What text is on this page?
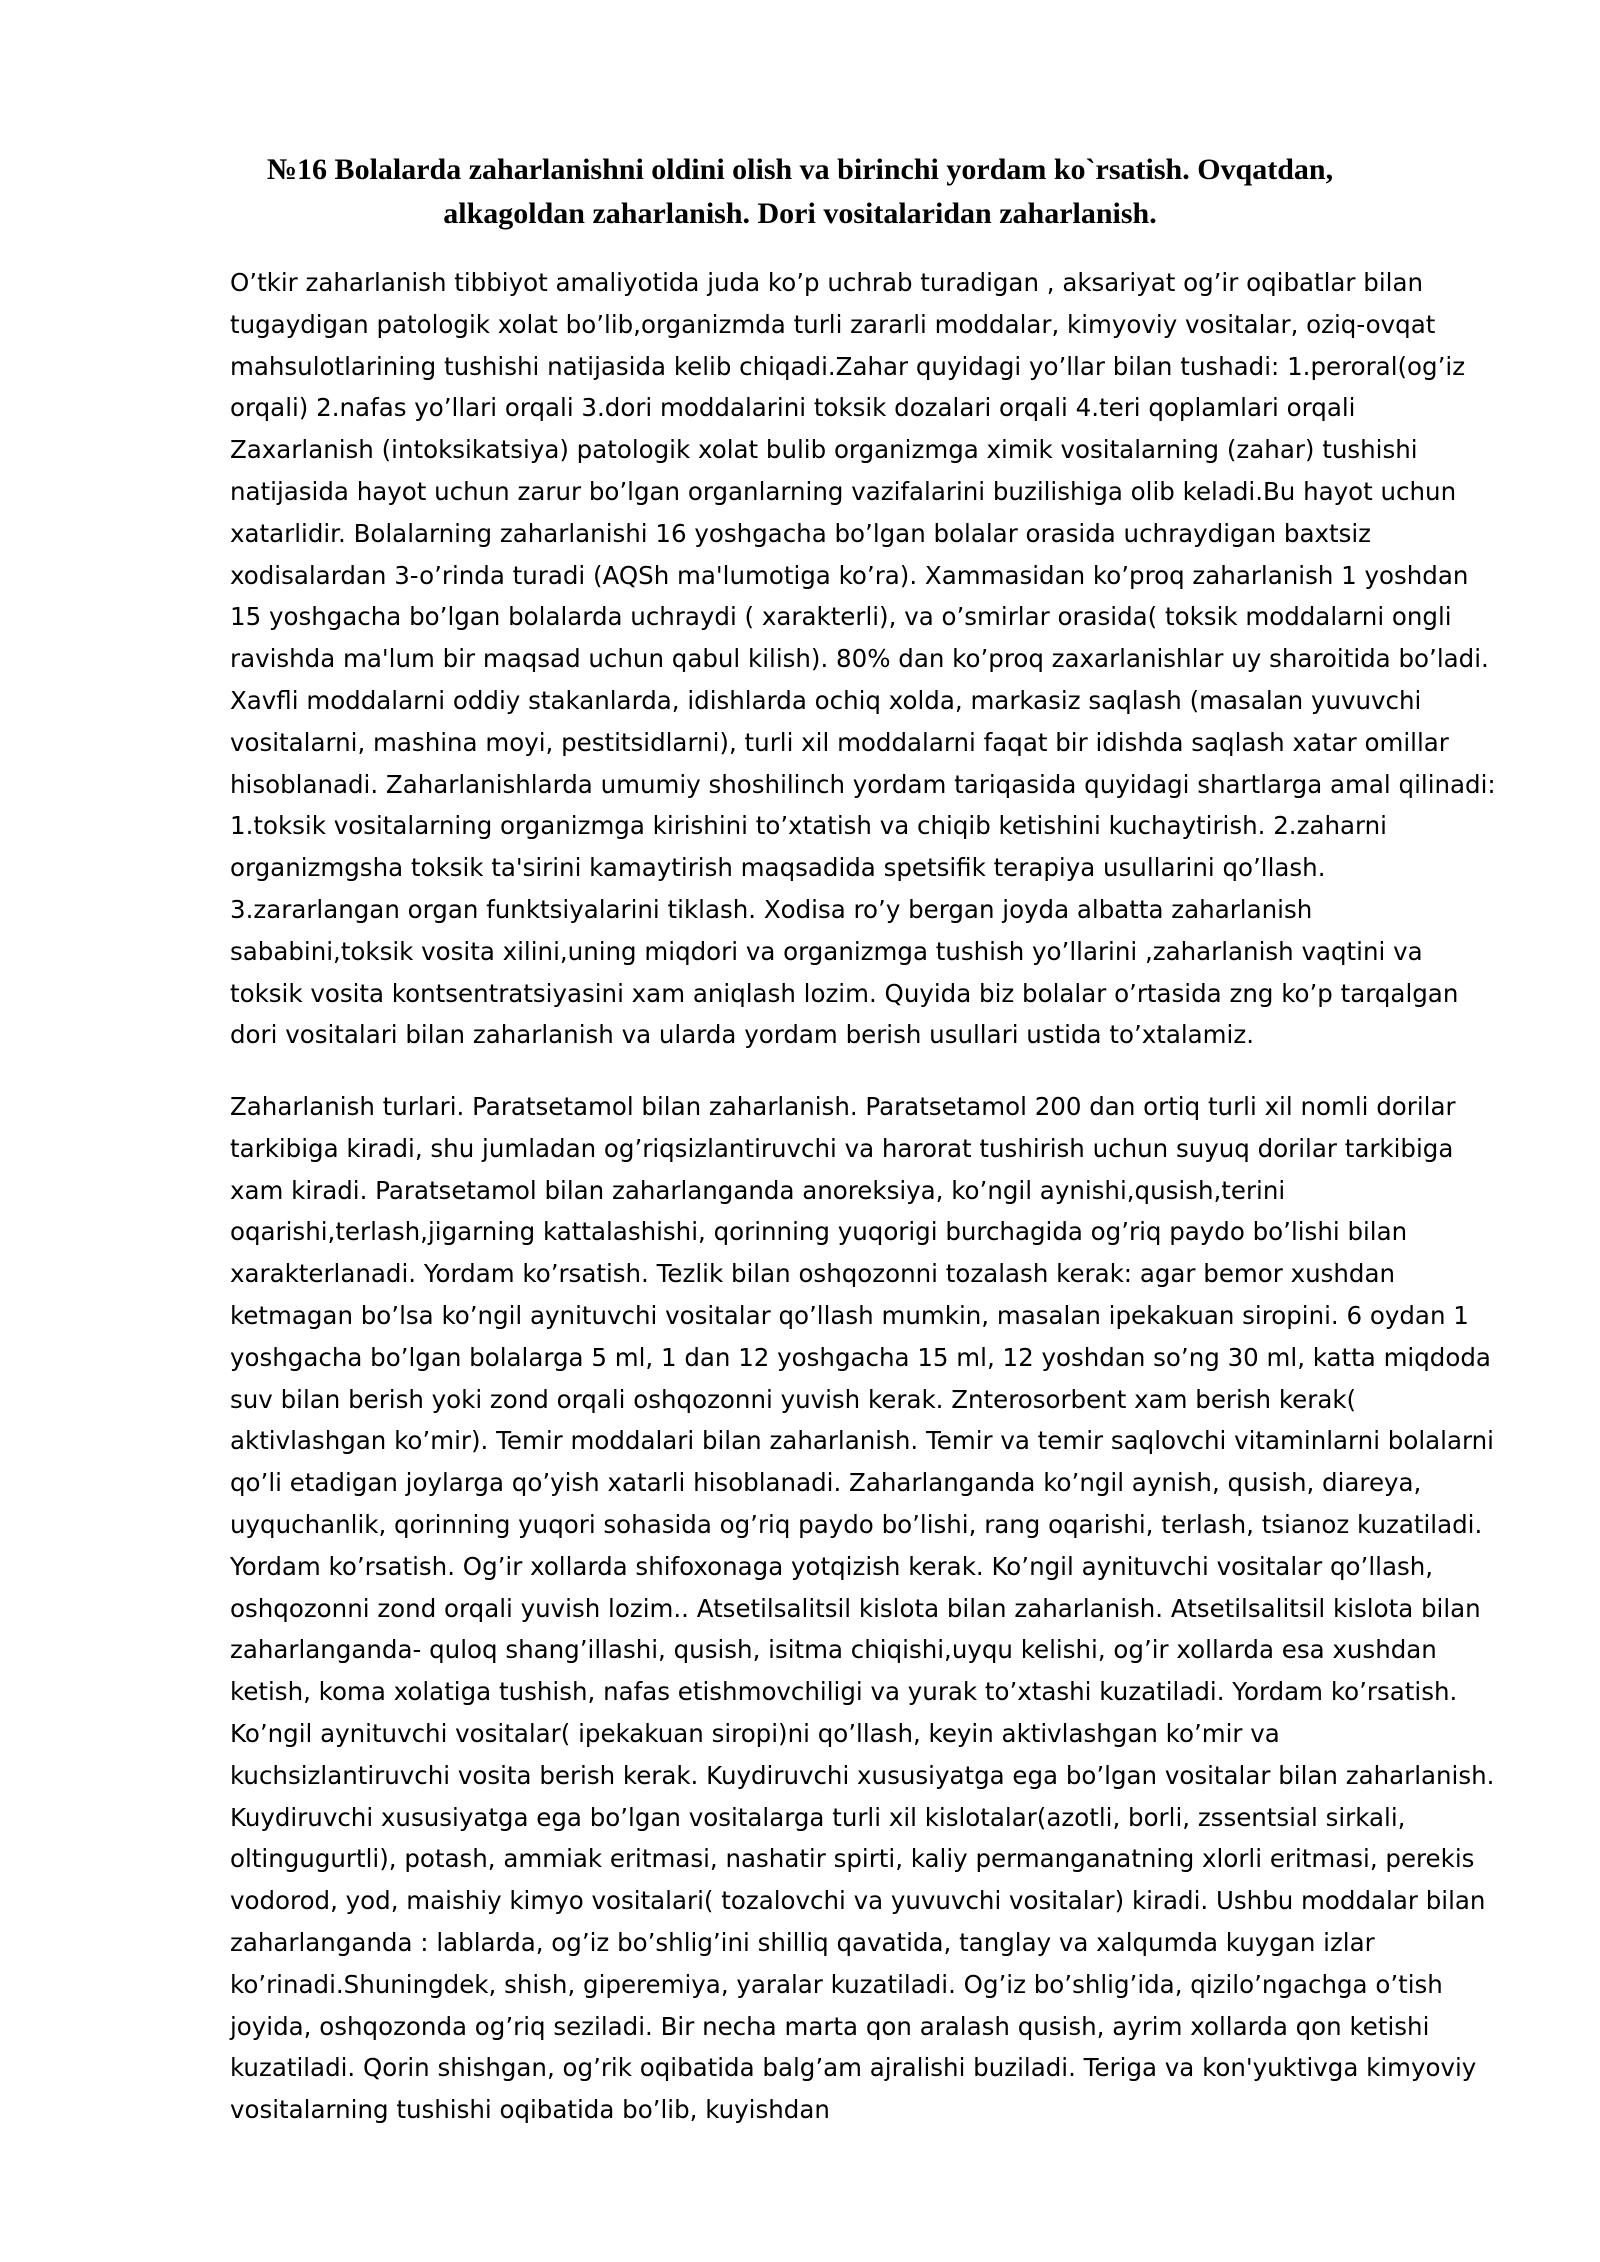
№16 Bolalarda zaharlanishni oldini olish va birinchi yordam ko`rsatish. Ovqatdan, alkagoldan zaharlanish. Dori vositalaridan zaharlanish.

O’tkir zaharlanish tibbiyot amaliyotida juda ko’p uchrab turadigan , aksariyat og’ir oqibatlar bilan tugaydigan patologik xolat bo’lib,organizmda turli zararli moddalar, kimyoviy vositalar, oziq-ovqat mahsulotlarining tushishi natijasida kelib chiqadi.Zahar quyidagi yo’llar bilan tushadi: 1.peroral(og’iz orqali) 2.nafas yo’llari orqali 3.dori moddalarini toksik dozalari orqali 4.teri qoplamlari orqali Zaxarlanish (intoksikatsiya) patologik xolat bulib organizmga ximik vositalarning (zahar) tushishi natijasida hayot uchun zarur bo’lgan organlarning vazifalarini buzilishiga olib keladi.Bu hayot uchun xatarlidir. Bolalarning zaharlanishi 16 yoshgacha bo’lgan bolalar orasida uchraydigan baxtsiz xodisalardan 3-o’rinda turadi (AQSh ma'lumotiga ko’ra). Xammasidan ko’proq zaharlanish 1 yoshdan 15 yoshgacha bo’lgan bolalarda uchraydi ( xarakterli), va o’smirlar orasida( toksik moddalarni ongli ravishda ma'lum bir maqsad uchun qabul kilish). 80% dan ko’proq zaxarlanishlar uy sharoitida bo’ladi. Xavfli moddalarni oddiy stakanlarda, idishlarda ochiq xolda, markasiz saqlash (masalan yuvuvchi vositalarni, mashina moyi, pestitsidlarni), turli xil moddalarni faqat bir idishda saqlash xatar omillar hisoblanadi. Zaharlanishlarda umumiy shoshilinch yordam tariqasida quyidagi shartlarga amal qilinadi: 1.toksik vositalarning organizmga kirishini to’xtatish va chiqib ketishini kuchaytirish. 2.zaharni organizmgsha toksik ta'sirini kamaytirish maqsadida spetsifik terapiya usullarini qo’llash. 3.zararlangan organ funktsiyalarini tiklash. Xodisa ro’y bergan joyda albatta zaharlanish sababini,toksik vosita xilini,uning miqdori va organizmga tushish yo’llarini ,zaharlanish vaqtini va toksik vosita kontsentratsiyasini xam aniqlash lozim. Quyida biz bolalar o’rtasida zng ko’p tarqalgan dori vositalari bilan zaharlanish va ularda yordam berish usullari ustida to’xtalamiz.

Zaharlanish turlari. Paratsetamol bilan zaharlanish. Paratsetamol 200 dan ortiq turli xil nomli dorilar tarkibiga kiradi, shu jumladan og’riqsizlantiruvchi va harorat tushirish uchun suyuq dorilar tarkibiga xam kiradi. Paratsetamol bilan zaharlanganda anoreksiya, ko’ngil aynishi,qusish,terini oqarishi,terlash,jigarning kattalashishi, qorinning yuqorigi burchagida og’riq paydo bo’lishi bilan xarakterlanadi. Yordam ko’rsatish. Tezlik bilan oshqozonni tozalash kerak: agar bemor xushdan ketmagan bo’lsa ko’ngil aynituvchi vositalar qo’llash mumkin, masalan ipekakuan siropini. 6 oydan 1 yoshgacha bo’lgan bolalarga 5 ml, 1 dan 12 yoshgacha 15 ml, 12 yoshdan so’ng 30 ml, katta miqdoda suv bilan berish yoki zond orqali oshqozonni yuvish kerak. Znterosorbent xam berish kerak( aktivlashgan ko’mir). Temir moddalari bilan zaharlanish. Temir va temir saqlovchi vitaminlarni bolalarni qo’li etadigan joylarga qo’yish xatarli hisoblanadi. Zaharlanganda ko’ngil aynish, qusish, diareya, uyquchanlik, qorinning yuqori sohasida og’riq paydo bo’lishi, rang oqarishi, terlash, tsianoz kuzatiladi. Yordam ko’rsatish. Og’ir xollarda shifoxonaga yotqizish kerak. Ko’ngil aynituvchi vositalar qo’llash, oshqozonni zond orqali yuvish lozim.. Atsetilsalitsil kislota bilan zaharlanish. Atsetilsalitsil kislota bilan zaharlanganda- quloq shang’illashi, qusish, isitma chiqishi,uyqu kelishi, og’ir xollarda esa xushdan ketish, koma xolatiga tushish, nafas etishmovchiligi va yurak to’xtashi kuzatiladi. Yordam ko’rsatish. Ko’ngil aynituvchi vositalar( ipekakuan siropi)ni qo’llash, keyin aktivlashgan ko’mir va kuchsizlantiruvchi vosita berish kerak. Kuydiruvchi xususiyatga ega bo’lgan vositalar bilan zaharlanish. Kuydiruvchi xususiyatga ega bo’lgan vositalarga turli xil kislotalar(azotli, borli, zssentsial sirkali, oltingugurtli), potash, ammiak eritmasi, nashatir spirti, kaliy permanganatning xlorli eritmasi, perekis vodorod, yod, maishiy kimyo vositalari( tozalovchi va yuvuvchi vositalar) kiradi. Ushbu moddalar bilan zaharlanganda : lablarda, og’iz bo’shlig’ini shilliq qavatida, tanglay va xalqumda kuygan izlar ko’rinadi.Shuningdek, shish, giperemiya, yaralar kuzatiladi. Og’iz bo’shlig’ida, qizilo’ngachga o’tish joyida, oshqozonda og’riq seziladi. Bir necha marta qon aralash qusish, ayrim xollarda qon ketishi kuzatiladi. Qorin shishgan, og’rik oqibatida balg’am ajralishi buziladi. Teriga va kon'yuktivga kimyoviy vositalarning tushishi oqibatida bo’lib, kuyishdan
